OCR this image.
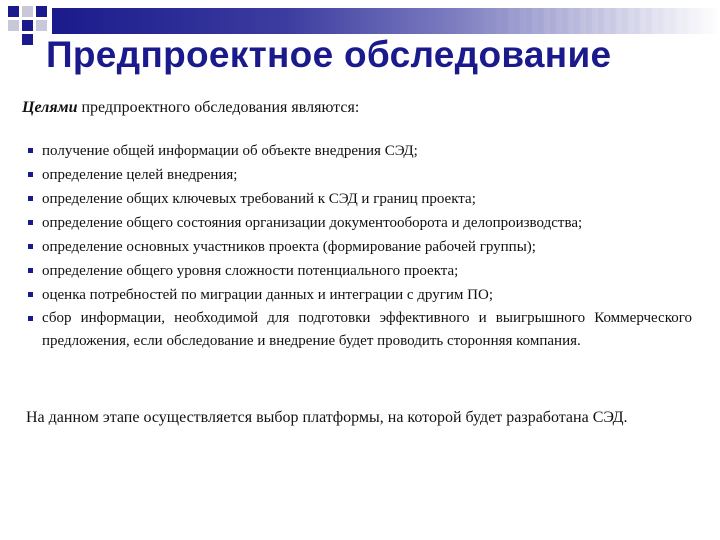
Предпроектное обследование
Целями предпроектного обследования являются:
получение общей информации об объекте внедрения СЭД;
определение целей внедрения;
определение общих ключевых требований к СЭД и границ проекта;
определение общего состояния организации документооборота и делопроизводства;
определение основных участников проекта (формирование рабочей группы);
определение общего уровня сложности потенциального проекта;
оценка потребностей по миграции данных и интеграции с другим ПО;
сбор информации, необходимой для подготовки эффективного и выигрышного Коммерческого предложения, если обследование и внедрение будет проводить сторонняя компания.
На данном этапе осуществляется выбор платформы, на которой будет разработана СЭД.
